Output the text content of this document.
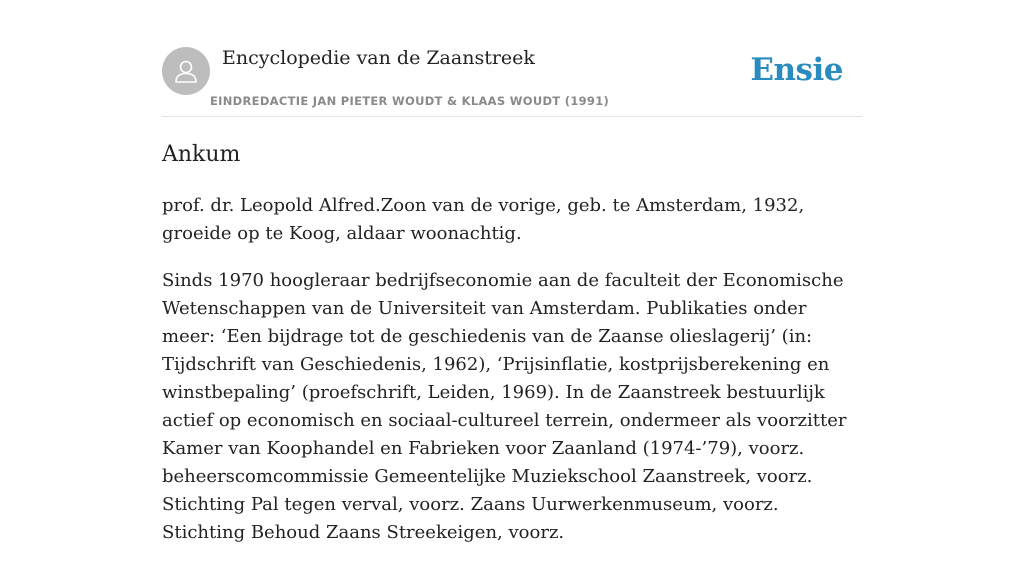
Encyclopedie van de Zaanstreek
EINDREDACTIE JAN PIETER WOUDT & KLAAS WOUDT (1991)
Ensie
Ankum

prof. dr. Leopold Alfred.Zoon van de vorige, geb. te Amsterdam, 1932, groeide op te Koog, aldaar woonachtig.

Sinds 1970 hoogleraar bedrijfseconomie aan de faculteit der Economische Wetenschappen van de Universiteit van Amsterdam. Publikaties onder meer: ‘Een bijdrage tot de geschiedenis van de Zaanse olieslagerij’ (in: Tijdschrift van Geschiedenis, 1962), ‘Prijsinflatie, kostprijsberekening en winstbepaling’ (proefschrift, Leiden, 1969). In de Zaanstreek bestuurlijk actief op economisch en sociaal-cultureel terrein, ondermeer als voorzitter Kamer van Koophandel en Fabrieken voor Zaanland (1974-’79), voorz. beheerscomcommissie Gemeentelijke Muziekschool Zaanstreek, voorz. Stichting Pal tegen verval, voorz. Zaans Uurwerkenmuseum, voorz. Stichting Behoud Zaans Streekeigen, voorz.
